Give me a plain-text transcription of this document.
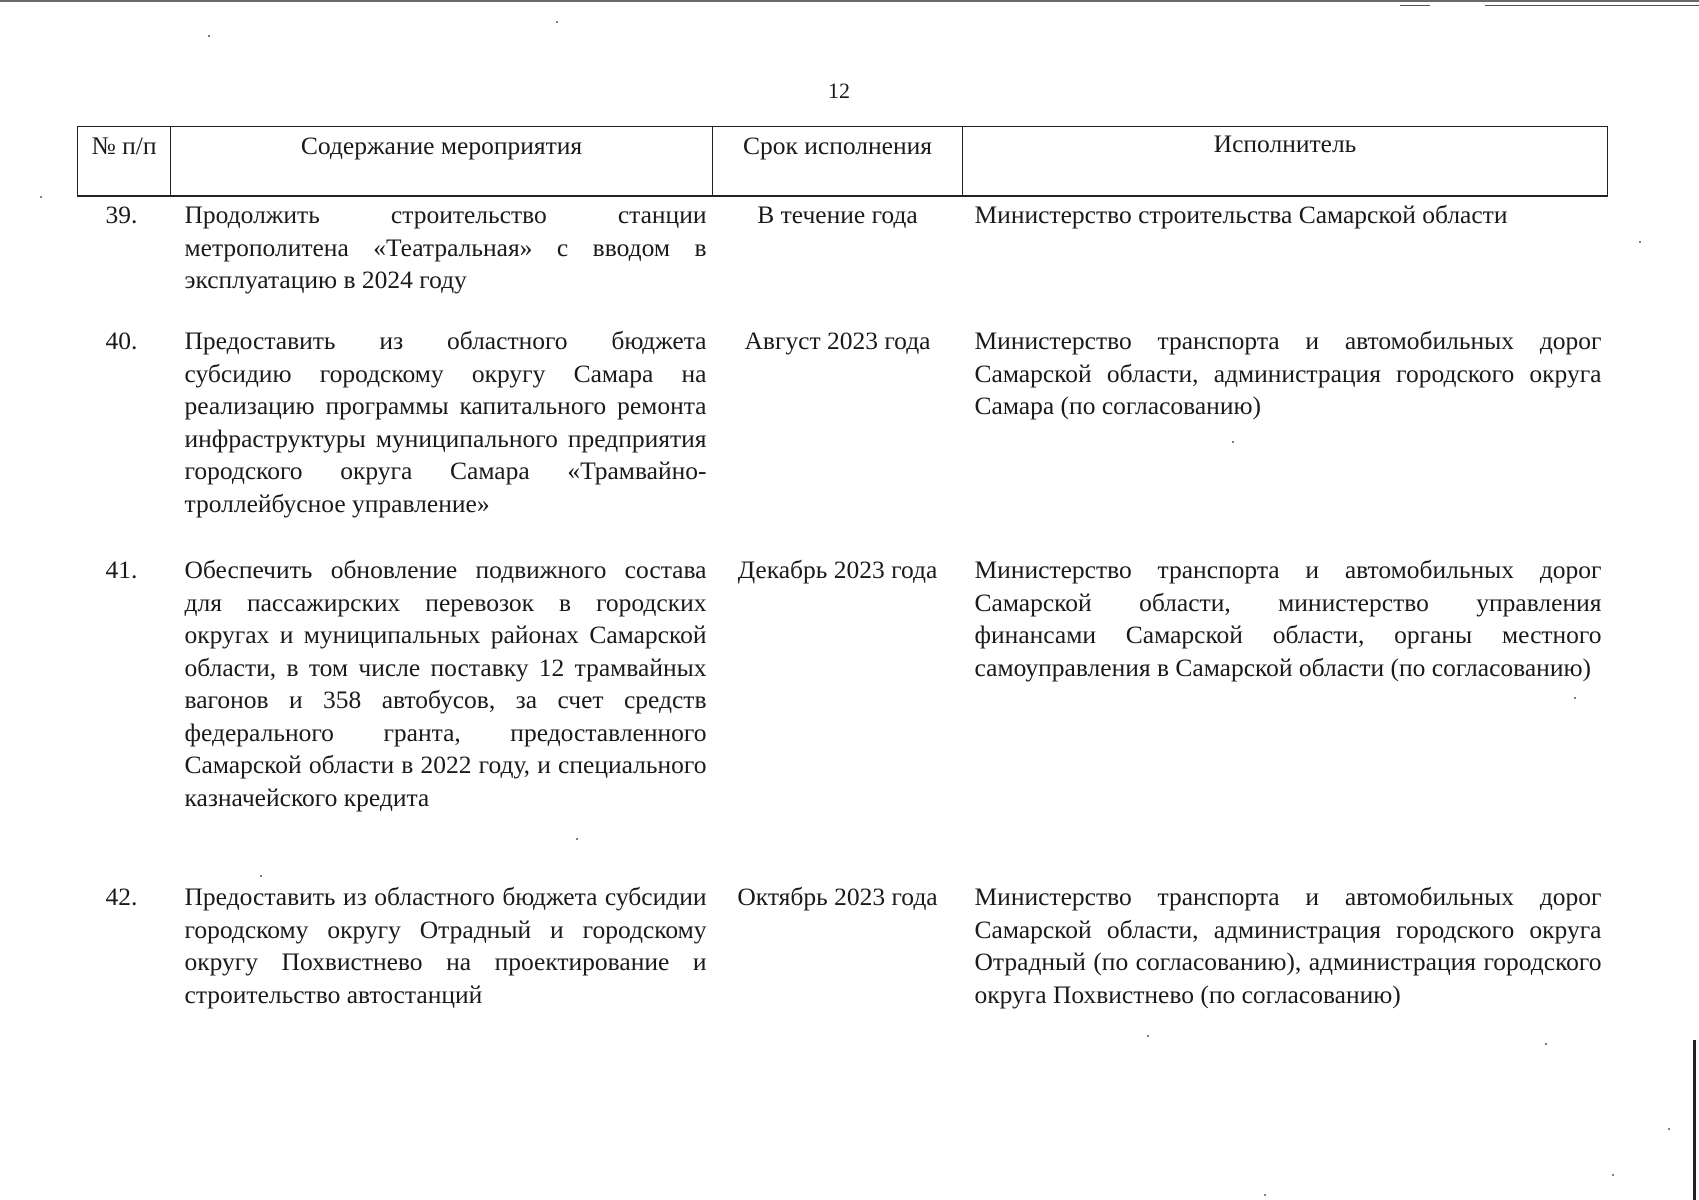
12
№ п/п	Содержание мероприятия	Срок исполнения	Исполнитель
39.	Продолжить строительство станции метрополитена «Театральная» с вводом в эксплуатацию в 2024 году	В течение года	Министерство строительства Самарской области
40.	Предоставить из областного бюджета субсидию городскому округу Самара на реализацию программы капитального ремонта инфраструктуры муниципального предприятия городского округа Самара «Трамвайно-троллейбусное управление»	Август 2023 года	Министерство транспорта и автомобильных дорог Самарской области, администрация городского округа Самара (по согласованию)
41.	Обеспечить обновление подвижного состава для пассажирских перевозок в городских округах и муниципальных районах Самарской области, в том числе поставку 12 трамвайных вагонов и 358 автобусов, за счет средств федерального гранта, предоставленного Самарской области в 2022 году, и специального казначейского кредита	Декабрь 2023 года	Министерство транспорта и автомобильных дорог Самарской области, министерство управления финансами Самарской области, органы местного самоуправления в Самарской области (по согласованию)
42.	Предоставить из областного бюджета субсидии городскому округу Отрадный и городскому округу Похвистнево на проектирование и строительство автостанций	Октябрь 2023 года	Министерство транспорта и автомобильных дорог Самарской области, администрация городского округа Отрадный (по согласованию), администрация городского округа Похвистнево (по согласованию)
